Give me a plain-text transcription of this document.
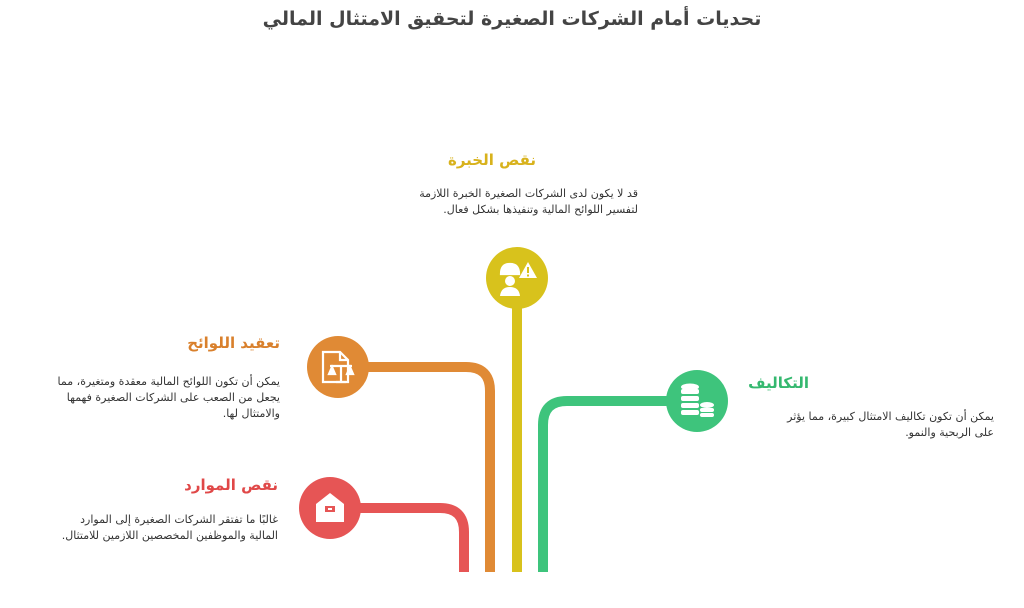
تحديات أمام الشركات الصغيرة لتحقيق الامتثال المالي
نقص الخبرة
قد لا يكون لدى الشركات الصغيرة الخبرة اللازمة
لتفسير اللوائح المالية وتنفيذها بشكل فعال.
تعقيد اللوائح
يمكن أن تكون اللوائح المالية معقدة ومتغيرة، مما
يجعل من الصعب على الشركات الصغيرة فهمها
والامتثال لها.
التكاليف
يمكن أن تكون تكاليف الامتثال كبيرة، مما يؤثر
على الربحية والنمو.
نقص الموارد
غالبًا ما تفتقر الشركات الصغيرة إلى الموارد
المالية والموظفين المخصصين اللازمين للامتثال.
